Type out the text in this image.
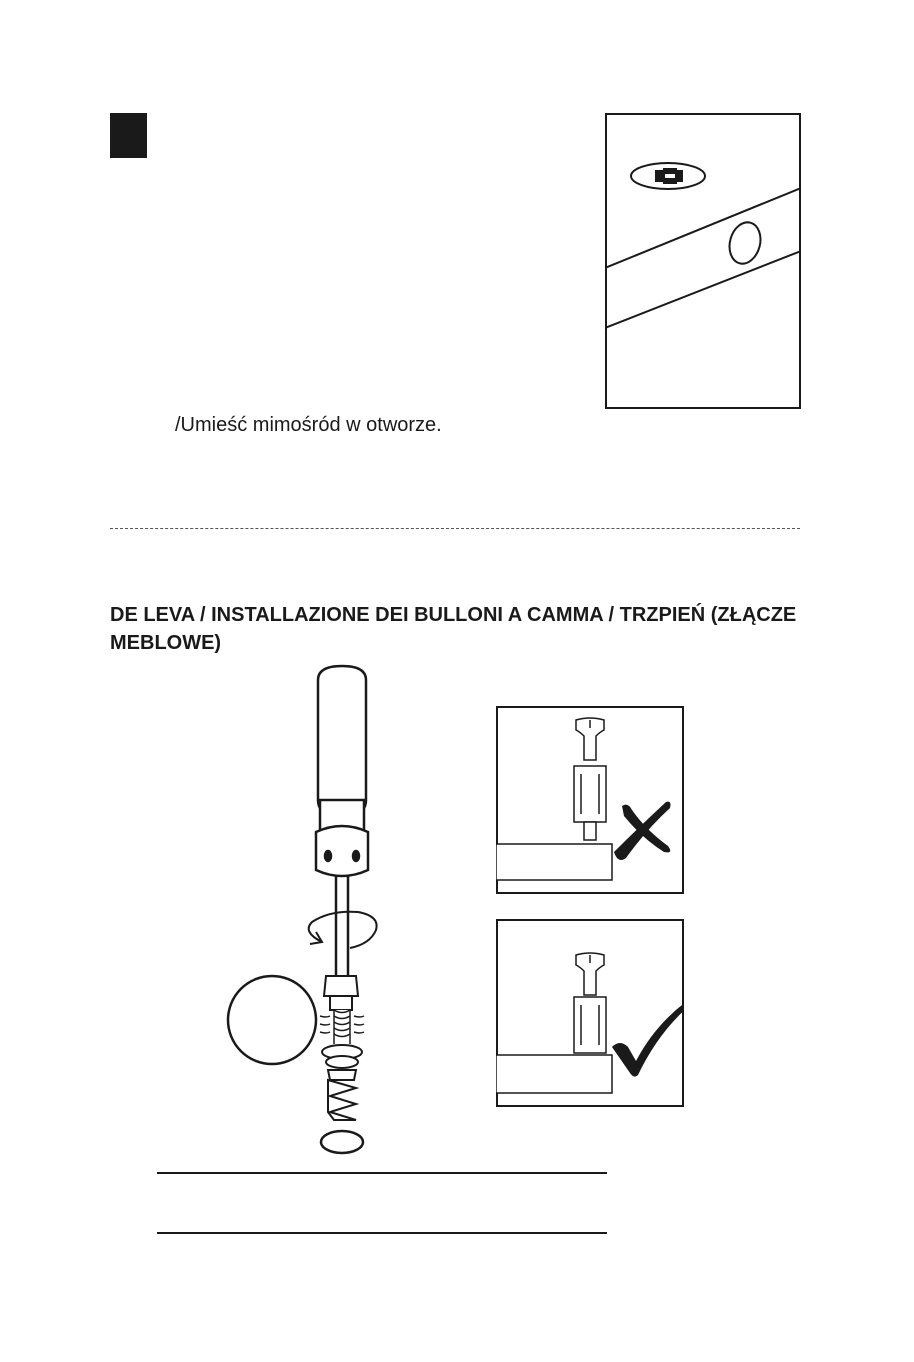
/Umieść mimośród w otworze.
DE LEVA / INSTALLAZIONE DEI BULLONI A CAMMA / TRZPIEŃ (ZŁĄCZE MEBLOWE)
